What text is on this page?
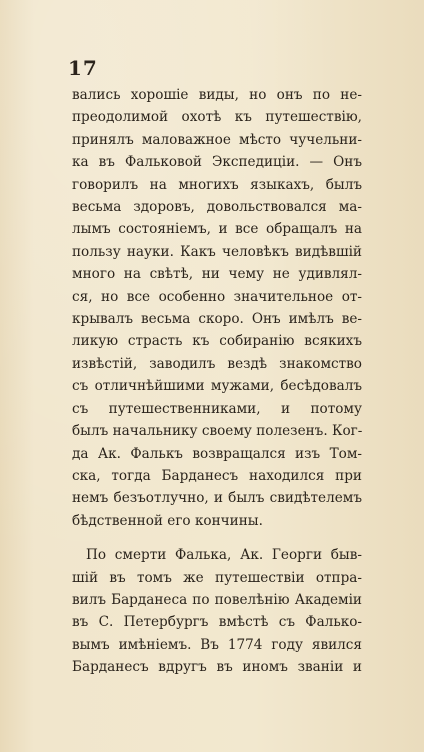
17
вались хорошіе виды, но онъ по не-
преодолимой охотѣ къ путешествію,
принялъ маловажное мѣсто чучельни-
ка въ Фальковой Экспедиціи. — Онъ
говорилъ на многихъ языкахъ, былъ
весьма здоровъ, довольствовался ма-
лымъ состояніемъ, и все обращалъ на
пользу науки. Какъ человѣкъ видѣвшій
много на свѣтѣ, ни чему не удивлял-
ся, но все особенно значительное от-
крывалъ весьма скоро. Онъ имѣлъ ве-
ликую страсть къ собиранію всякихъ
извѣстій, заводилъ вездѣ знакомство
съ отличнѣйшими мужами, бесѣдовалъ
съ путешественниками, и потому
былъ начальнику своему полезенъ. Ког-
да Ак. Фалькъ возвращался изъ Том-
ска, тогда Барданесъ находился при
немъ безъотлучно, и былъ свидѣтелемъ
бѣдственной его кончины.
По смерти Фалька, Ак. Георги быв-
шій въ томъ же путешествіи отпра-
вилъ Барданеса по повелѣнію Академіи
въ С. Петербургъ вмѣстѣ съ Фалько-
вымъ имѣніемъ. Въ 1774 году явился
Барданесъ вдругъ въ иномъ званіи и
